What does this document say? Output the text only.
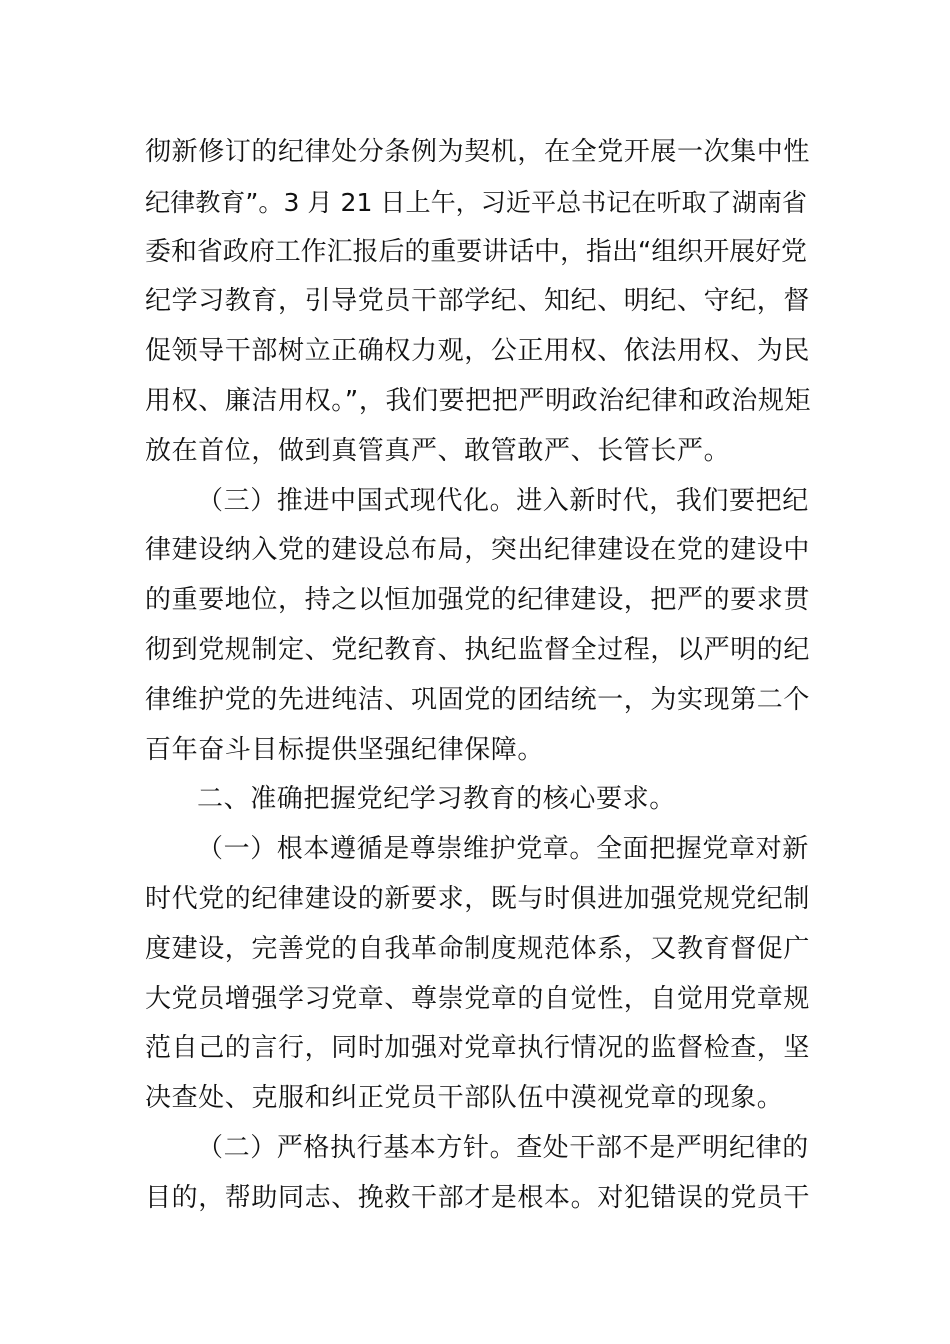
彻新修订的纪律处分条例为契机，在全党开展一次集中性
纪律教育”。3 月 21 日上午，习近平总书记在听取了湖南省
委和省政府工作汇报后的重要讲话中，指出“组织开展好党
纪学习教育，引导党员干部学纪、知纪、明纪、守纪，督
促领导干部树立正确权力观，公正用权、依法用权、为民
用权、廉洁用权。”，我们要把把严明政治纪律和政治规矩
放在首位，做到真管真严、敢管敢严、长管长严。
（三）推进中国式现代化。进入新时代，我们要把纪
律建设纳入党的建设总布局，突出纪律建设在党的建设中
的重要地位，持之以恒加强党的纪律建设，把严的要求贯
彻到党规制定、党纪教育、执纪监督全过程，以严明的纪
律维护党的先进纯洁、巩固党的团结统一，为实现第二个
百年奋斗目标提供坚强纪律保障。
二、准确把握党纪学习教育的核心要求。
（一）根本遵循是尊崇维护党章。全面把握党章对新
时代党的纪律建设的新要求，既与时俱进加强党规党纪制
度建设，完善党的自我革命制度规范体系，又教育督促广
大党员增强学习党章、尊崇党章的自觉性，自觉用党章规
范自己的言行，同时加强对党章执行情况的监督检查，坚
决查处、克服和纠正党员干部队伍中漠视党章的现象。
（二）严格执行基本方针。查处干部不是严明纪律的
目的，帮助同志、挽救干部才是根本。对犯错误的党员干
